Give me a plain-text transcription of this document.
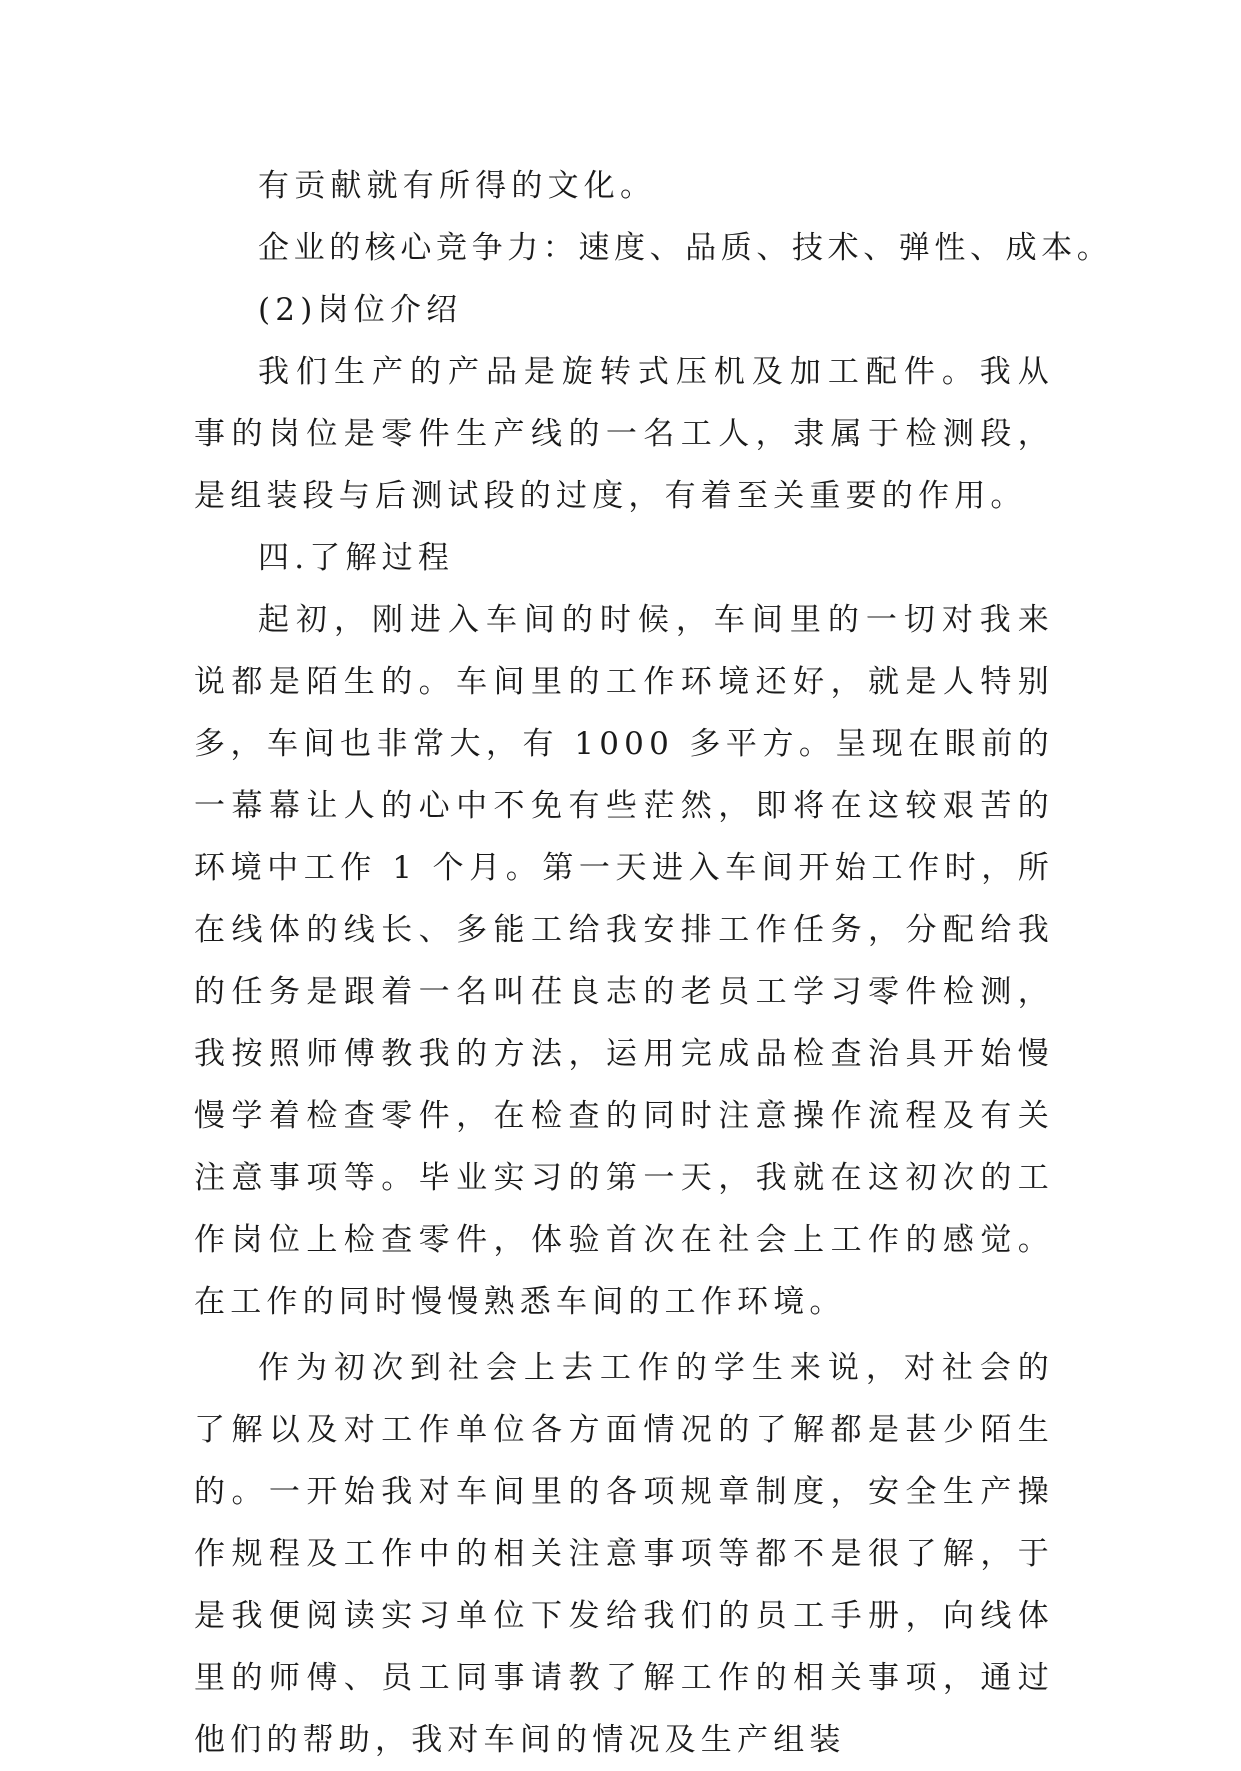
有贡献就有所得的文化。

企业的核心竞争力：速度、品质、技术、弹性、成本。

(2)岗位介绍

我们生产的产品是旋转式压机及加工配件。我从事的岗位是零件生产线的一名工人，隶属于检测段，是组装段与后测试段的过度，有着至关重要的作用。

四.了解过程

起初，刚进入车间的时候，车间里的一切对我来说都是陌生的。车间里的工作环境还好，就是人特别多，车间也非常大，有 1000 多平方。呈现在眼前的一幕幕让人的心中不免有些茫然，即将在这较艰苦的环境中工作 1 个月。第一天进入车间开始工作时，所在线体的线长、多能工给我安排工作任务，分配给我的任务是跟着一名叫茌良志的老员工学习零件检测，我按照师傅教我的方法，运用完成品检查治具开始慢慢学着检查零件，在检查的同时注意操作流程及有关注意事项等。毕业实习的第一天，我就在这初次的工作岗位上检查零件，体验首次在社会上工作的感觉。在工作的同时慢慢熟悉车间的工作环境。

作为初次到社会上去工作的学生来说，对社会的了解以及对工作单位各方面情况的了解都是甚少陌生的。一开始我对车间里的各项规章制度，安全生产操作规程及工作中的相关注意事项等都不是很了解，于是我便阅读实习单位下发给我们的员工手册，向线体里的师傅、员工同事请教了解工作的相关事项，通过他们的帮助，我对车间的情况及生产组装
